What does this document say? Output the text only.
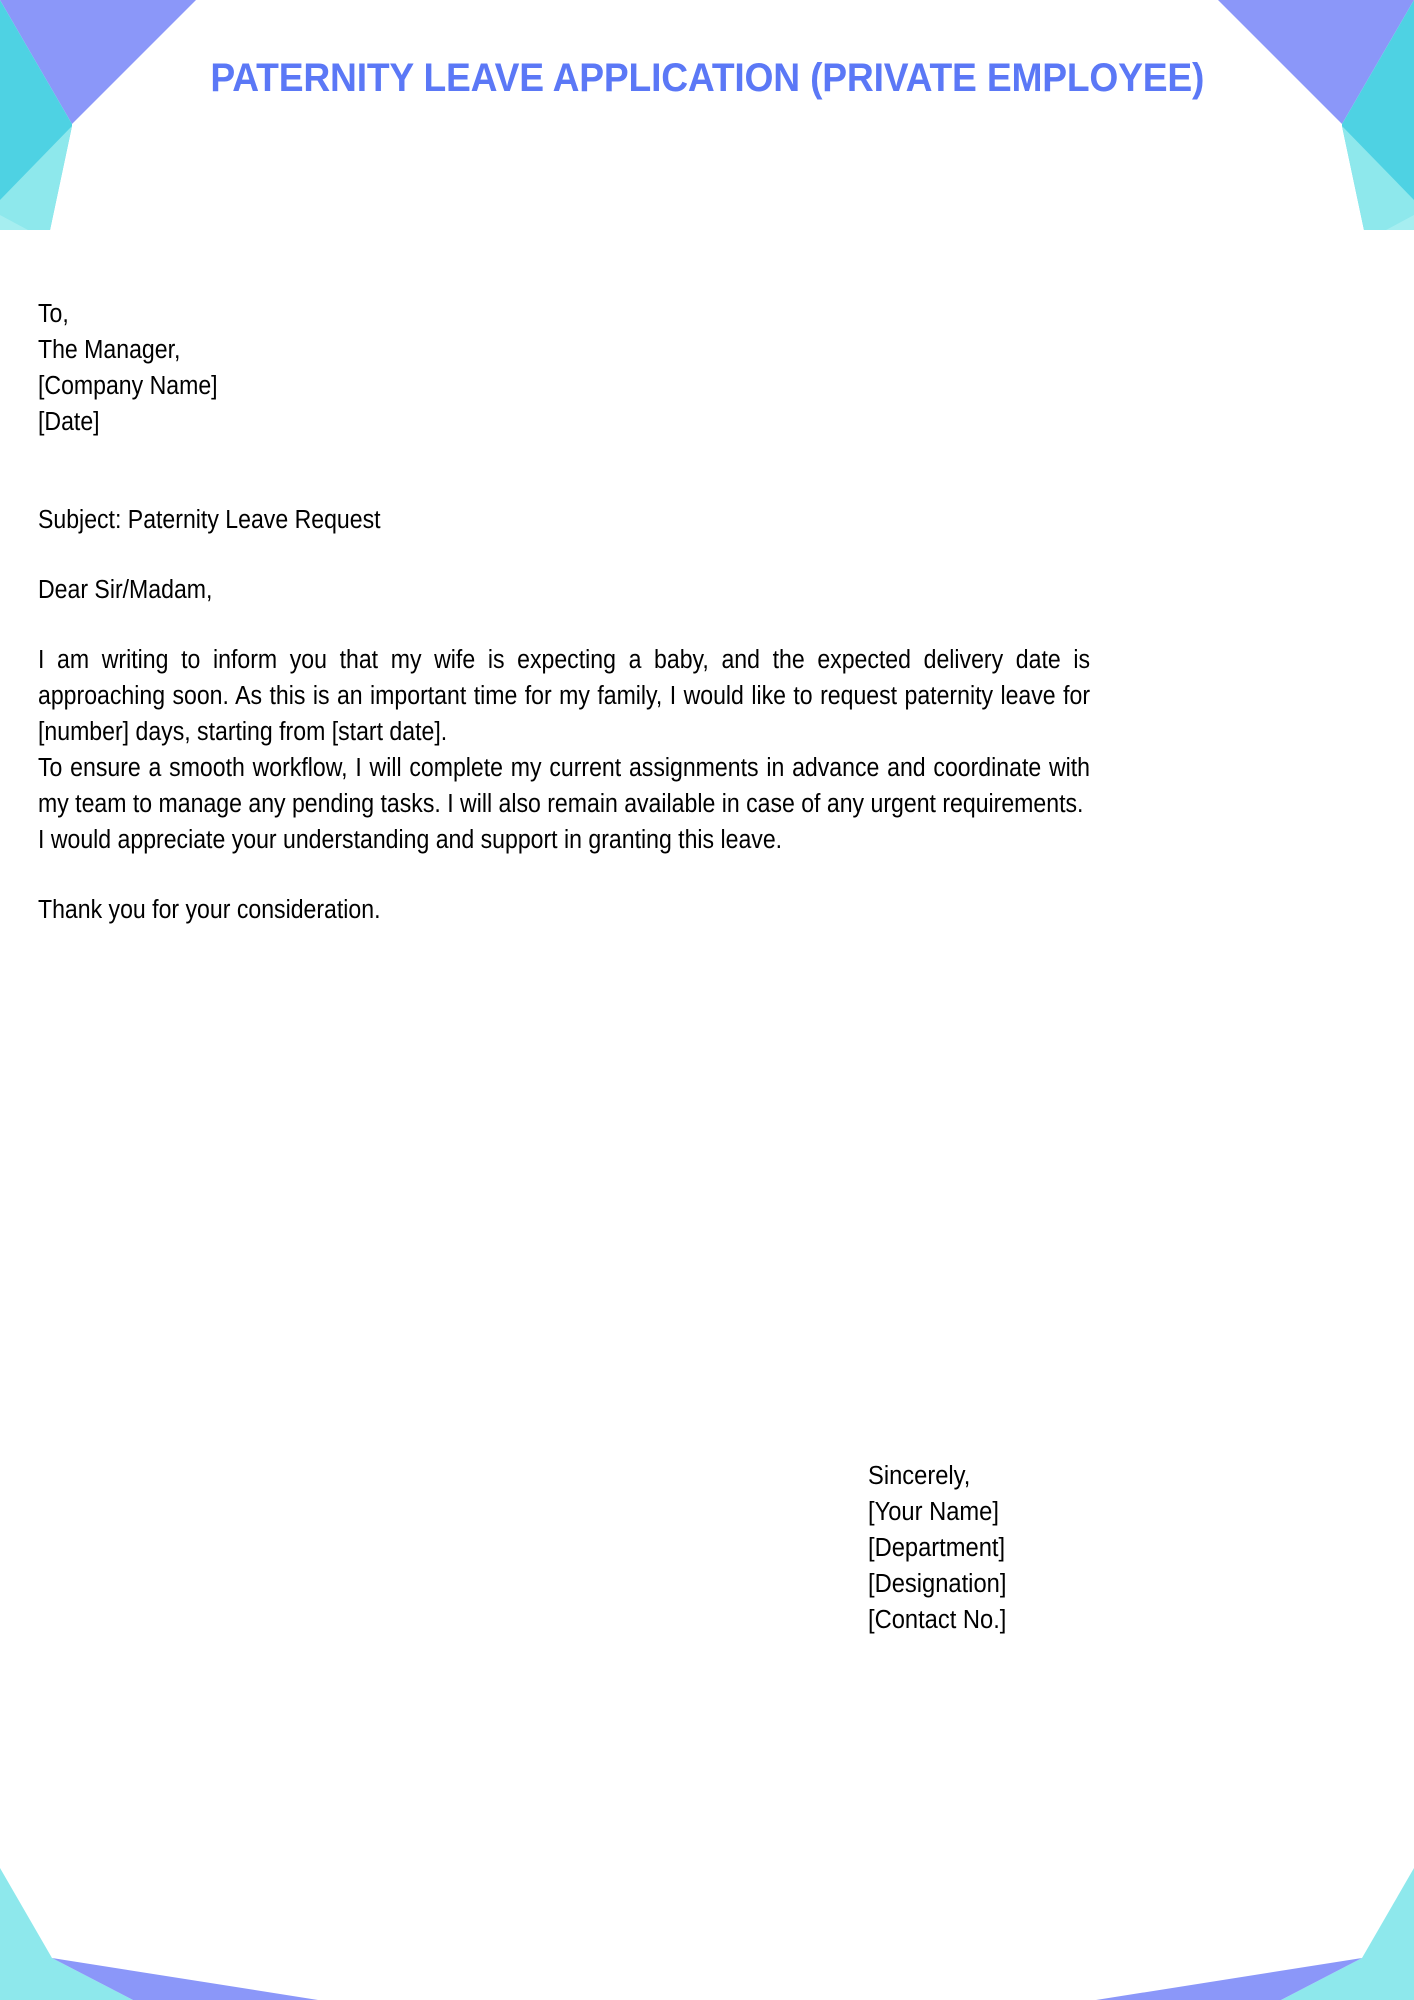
PATERNITY LEAVE APPLICATION (PRIVATE EMPLOYEE)
To,
The Manager,
[Company Name]
[Date]
Subject: Paternity Leave Request
Dear Sir/Madam,

I am writing to inform you that my wife is expecting a baby, and the expected delivery date is approaching soon. As this is an important time for my family, I would like to request paternity leave for [number] days, starting from [start date].

To ensure a smooth workflow, I will complete my current assignments in advance and coordinate with my team to manage any pending tasks. I will also remain available in case of any urgent requirements.

I would appreciate your understanding and support in granting this leave.

Thank you for your consideration.
Sincerely,
[Your Name]
[Department]
[Designation]
[Contact No.]
